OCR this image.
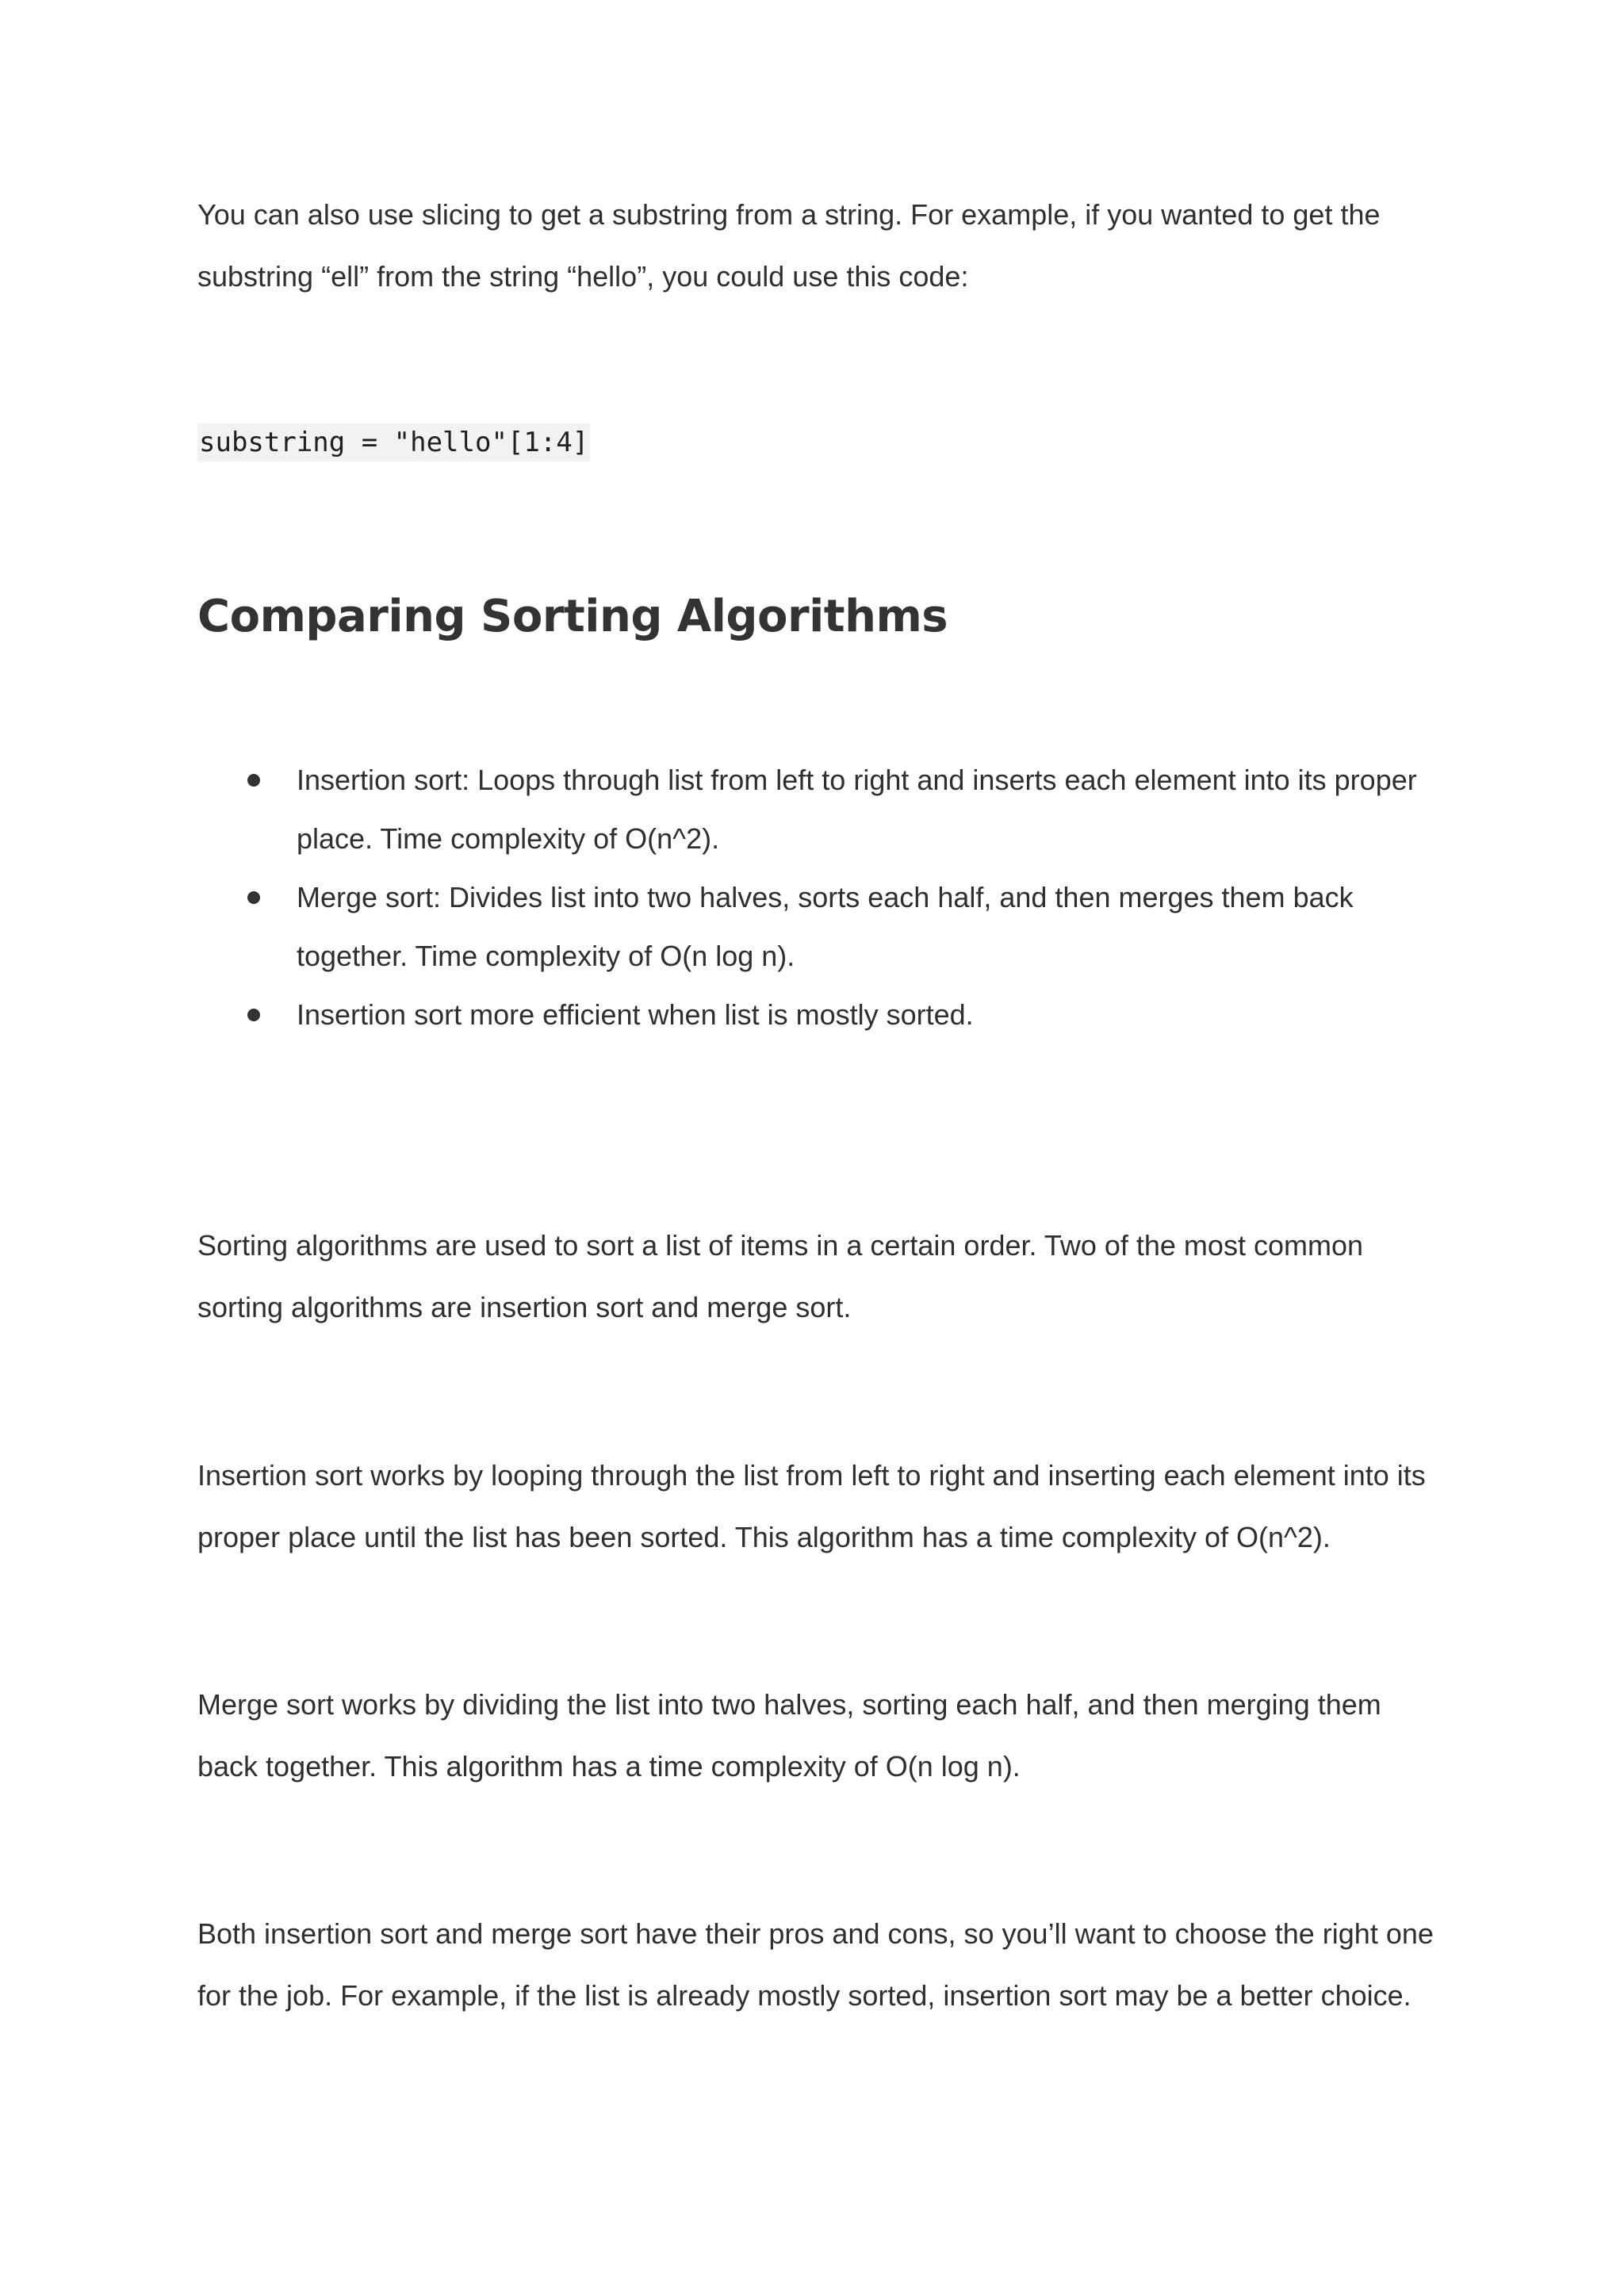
You can also use slicing to get a substring from a string. For example, if you wanted to get the substring “ell” from the string “hello”, you could use this code:

substring = "hello"[1:4]
Comparing Sorting Algorithms
Insertion sort: Loops through list from left to right and inserts each element into its proper place. Time complexity of O(n^2).
Merge sort: Divides list into two halves, sorts each half, and then merges them back together. Time complexity of O(n log n).
Insertion sort more efficient when list is mostly sorted.

Sorting algorithms are used to sort a list of items in a certain order. Two of the most common sorting algorithms are insertion sort and merge sort.

Insertion sort works by looping through the list from left to right and inserting each element into its proper place until the list has been sorted. This algorithm has a time complexity of O(n^2).

Merge sort works by dividing the list into two halves, sorting each half, and then merging them back together. This algorithm has a time complexity of O(n log n).

Both insertion sort and merge sort have their pros and cons, so you’ll want to choose the right one for the job. For example, if the list is already mostly sorted, insertion sort may be a better choice.
